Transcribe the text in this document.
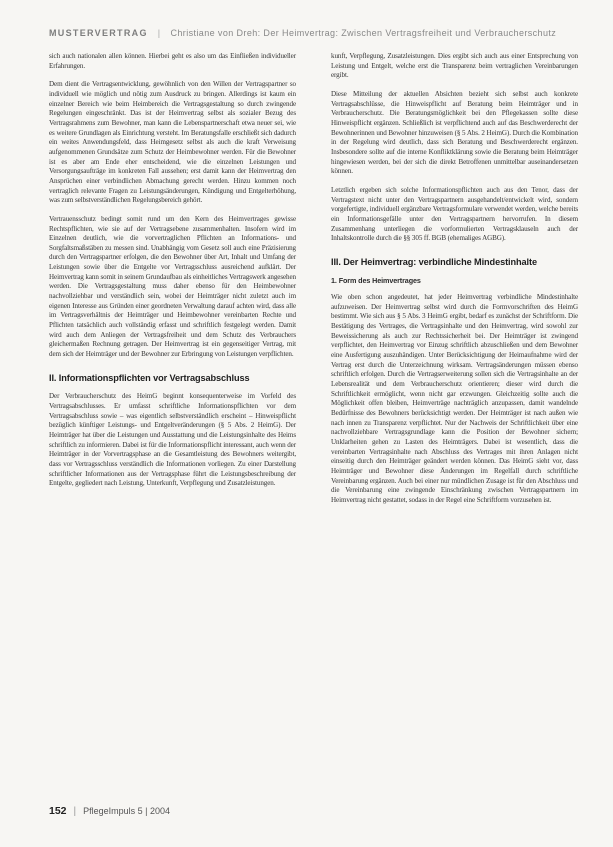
MUSTERVERTRAG | Christiane von Dreh: Der Heimvertrag: Zwischen Vertragsfreiheit und Verbraucherschutz

sich auch nationalen allen können. Hierbei geht es also um das Einfließen individueller Erfahrungen.

Dem dient die Vertragsentwicklung, gewöhnlich von den Willen der Vertragspartner so individuell wie möglich und nötig zum Ausdruck zu bringen. Allerdings ist kaum ein einzelner Bereich wie beim Heimbereich die Vertragsgestaltung so durch zwingende Regelungen eingeschränkt. Das ist der Heimvertrag selbst als sozialer Bezug des Vertragsrahmens zum Bewohner, man kann die Lebenspartnerschaft etwa neuer sei, wie es weitere Grundlagen als Einrichtung versteht. Im Beratungsfalle erschließt sich dadurch ein weites Anwendungsfeld, dass Heimgesetz selbst als auch die kraft Verweisung aufgenommenen Grundsätze zum Schutz der Heimbewohner werden. Für die Bewohner ist es aber am Ende eher entscheidend, wie die einzelnen Leistungen und Versorgungsaufträge im konkreten Fall aussehen; erst damit kann der Heimvertrag den Ansprüchen einer verbindlichen Abmachung gerecht werden. Hinzu kommen noch vertraglich relevante Fragen zu Leistungsänderungen, Kündigung und Entgelterhöhung, was zum selbstverständlichen Regelungsbereich gehört.

Vertrauensschutz bedingt somit rund um den Kern des Heimvertrages gewisse Rechtspflichten, wie sie auf der Vertragsebene zusammenhalten. Insofern wird im Einzelnen deutlich, wie die vorvertraglichen Pflichten an Informations- und Sorgfaltsmaßstäben zu messen sind. Unabhängig vom Gesetz soll auch eine Präzisierung durch den Vertragspartner erfolgen, die den Bewohner über Art, Inhalt und Umfang der Leistungen sowie über die Entgelte vor Vertragsschluss ausreichend aufklärt. Der Heimvertrag kann somit in seinem Grundaufbau als einheitliches Vertragswerk angesehen werden. Die Vertragsgestaltung muss daher ebenso für den Heimbewohner nachvollziehbar und verständlich sein, wobei der Heimträger nicht zuletzt auch im eigenen Interesse aus Gründen einer geordneten Verwaltung darauf achten wird, dass alle im Vertragsverhältnis der Heimträger und Heimbewohner vereinbarten Rechte und Pflichten tatsächlich auch vollständig erfasst und schriftlich festgelegt werden. Damit wird auch dem Anliegen der Vertragsfreiheit und dem Schutz des Verbrauchers gleichermaßen Rechnung getragen. Der Heimvertrag ist ein gegenseitiger Vertrag, mit dem sich der Heimträger und der Bewohner zur Erbringung von Leistungen verpflichten.

II. Informationspflichten vor Vertragsabschluss

Der Verbraucherschutz des HeimG beginnt konsequenterweise im Vorfeld des Vertragsabschlusses. Er umfasst schriftliche Informationspflichten vor dem Vertragsabschluss sowie – was eigentlich selbstverständlich erscheint – Hinweispflicht bezüglich künftiger Leistungs- und Entgeltveränderungen (§ 5 Abs. 2 HeimG). Der Heimträger hat über die Leistungen und Ausstattung und die Leistungsinhalte des Heims schriftlich zu informieren. Dabei ist für die Informationspflicht interessant, auch wenn der Heimträger in der Vorvertragsphase an die Gesamtleistung des Bewohners weitergibt, dass vor Vertragsschluss verständlich die Informationen vorliegen. Zu einer Darstellung schriftlicher Informationen aus der Vertragsphase führt die Leistungsbeschreibung der Entgelte, gegliedert nach Leistung, Unterkunft, Verpflegung und Zusatzleistungen.

kunft, Verpflegung, Zusatzleistungen. Dies ergibt sich auch aus einer Entsprechung von Leistung und Entgelt, welche erst die Transparenz beim vertraglichen Vereinbarungen ergibt.

Diese Mitteilung der aktuellen Absichten bezieht sich selbst auch konkrete Vertragsabschlüsse, die Hinweispflicht auf Beratung beim Heimträger und in Verbraucherschutz. Die Beratungsmöglichkeit bei den Pflegekassen sollte diese Hinweispflicht ergänzen. Schließlich ist verpflichtend auch auf das Beschwerderecht der Bewohnerinnen und Bewohner hinzuweisen (§ 5 Abs. 2 HeimG). Durch die Kombination in der Regelung wird deutlich, dass sich Beratung und Beschwerderecht ergänzen. Insbesondere sollte auf die interne Konfliktklärung sowie die Beratung beim Heimträger hingewiesen werden, bei der sich die direkt Betroffenen unmittelbar auseinandersetzen können.

Letztlich ergeben sich solche Informationspflichten auch aus den Tenor, dass der Vertragstext nicht unter den Vertragspartnern ausgehandelt/entwickelt wird, sondern vorgefertigte, individuell ergänzbare Vertragsformulare verwendet werden, welche bereits ein Informationsgefälle unter den Vertragspartnern hervorrufen. In diesem Zusammenhang unterliegen die vorformulierten Vertragsklauseln auch der Inhaltskontrolle durch die §§ 305 ff. BGB (ehemaliges AGBG).

III. Der Heimvertrag: verbindliche Mindestinhalte
1. Form des Heimvertrages

Wie oben schon angedeutet, hat jeder Heimvertrag verbindliche Mindestinhalte aufzuweisen. Der Heimvertrag selbst wird durch die Formvorschriften des HeimG bestimmt. Wie sich aus § 5 Abs. 3 HeimG ergibt, bedarf es zunächst der Schriftform. Die Bestätigung des Vertrages, die Vertragsinhalte und den Heimvertrag, wird sowohl zur Beweissicherung als auch zur Rechtssicherheit bei. Der Heimträger ist zwingend verpflichtet, den Heimvertrag vor Einzug schriftlich abzuschließen und dem Bewohner eine Ausfertigung auszuhändigen. Unter Berücksichtigung der Heimaufnahme wird der Vertrag erst durch die Unterzeichnung wirksam. Vertragsänderungen müssen ebenso schriftlich erfolgen. Durch die Vertragserweiterung sollen sich die Vertragsinhalte an der Lebensrealität und dem Verbraucherschutz orientieren; dieser wird durch die Schriftlichkeit ermöglicht, wenn nicht gar erzwungen. Gleichzeitig sollte auch die Möglichkeit offen bleiben, Heimverträge nachträglich anzupassen, damit wandelnde Bedürfnisse des Bewohners berücksichtigt werden. Der Heimträger ist nach außen wie nach innen zu Transparenz verpflichtet. Nur der Nachweis der Schriftlichkeit über eine nachvollziehbare Vertragsgrundlage kann die Position der Bewohner sichern; Unklarheiten gehen zu Lasten des Heimträgers. Dabei ist wesentlich, dass die vereinbarten Vertragsinhalte nach Abschluss des Vertrages mit ihren Anlagen nicht einseitig durch den Heimträger geändert werden können. Das HeimG sieht vor, dass Heimträger und Bewohner diese Änderungen im Regelfall durch schriftliche Vereinbarung ergänzen. Auch bei einer nur mündlichen Zusage ist für den Abschluss und die Vereinbarung eine zwingende Einschränkung zwischen Vertragspartnern im Heimvertrag nicht gestattet, sodass in der Regel eine Schriftform vorzusehen ist.

152 | PflegeImpuls 5 | 2004
